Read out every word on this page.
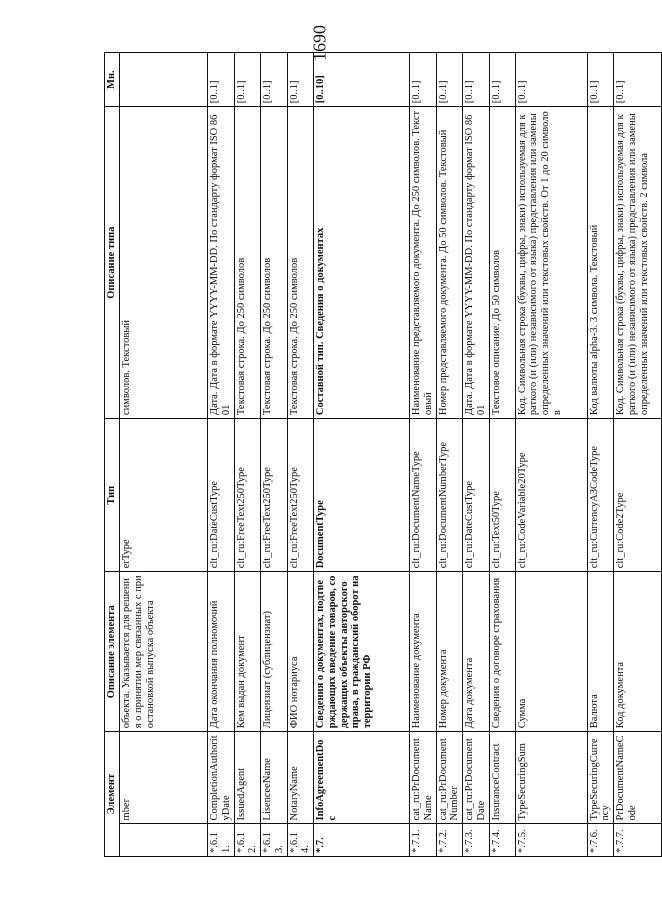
1690
Элемент		Описание элемента	Тип	Описание типа	Мн.
	mber	объекта. Указывается для решения о принятии мер связанных с приостановкой выпуска объекта	erType	символов. Текстовый	
*.6.11.	CompletionAuthorityDate	Дата окончания полномочий	clt_ru:DateCustType	Дата. Дата в формате YYYY-MM-DD. По стандарту формат ISO 8601	[0..1]
*.6.12.	IssuedAgent	Кем выдан документ	clt_ru:FreeText250Type	Текстовая строка. До 250 символов	[0..1]
*.6.13.	LisenceeName	Лицензиат (сублицензиат)	clt_ru:FreeText250Type	Текстовая строка. До 250 символов	[0..1]
*.6.14.	NotaryName	ФИО нотариуса	clt_ru:FreeText250Type	Текстовая строка. До 250 символов	[0..1]
*.7.	InfoAgreementDoc	Сведения о документах, подтверждающих введение товаров, содержащих объекты авторского права, в гражданский оборот на территории РФ	DocumentType	Составной тип. Сведения о документах	[0..10]
*.7.1.	cat_ru:PrDocumentName	Наименование документа	clt_ru:DocumentNameType	Наименование представляемого документа. До 250 символов. Текстовый	[0..1]
*.7.2.	cat_ru:PrDocumentNumber	Номер документа	clt_ru:DocumentNumberType	Номер представляемого документа. До 50 символов. Текстовый	[0..1]
*.7.3.	cat_ru:PrDocumentDate	Дата документа	clt_ru:DateCustType	Дата. Дата в формате YYYY-MM-DD. По стандарту формат ISO 8601	[0..1]
*.7.4.	InsuranceContract	Сведения о договоре страхования	clt_ru:Text50Type	Текстовое описание. До 50 символов	[0..1]
*.7.5.	TypeSecuringSum	Сумма	clt_ru:CodeVariable20Type	Код. Символьная строка (буквы, цифры, знаки) используемая для краткого (и (или) независимого от языка) представления или замены определенных значений или текстовых свойств. От 1 до 20 символов	[0..1]
*.7.6.	TypeSecuringCurrency	Валюта	clt_ru:CurrencyA3CodeType	Код валюты alpha-3. 3 символа. Текстовый	[0..1]
*.7.7.	PrDocumentNameCode	Код документа	clt_ru:Code2Type	Код. Символьная строка (буквы, цифры, знаки) используемая для краткого (и (или) независимого от языка) представления или замены определенных значений или текстовых свойств. 2 символа	[0..1]
